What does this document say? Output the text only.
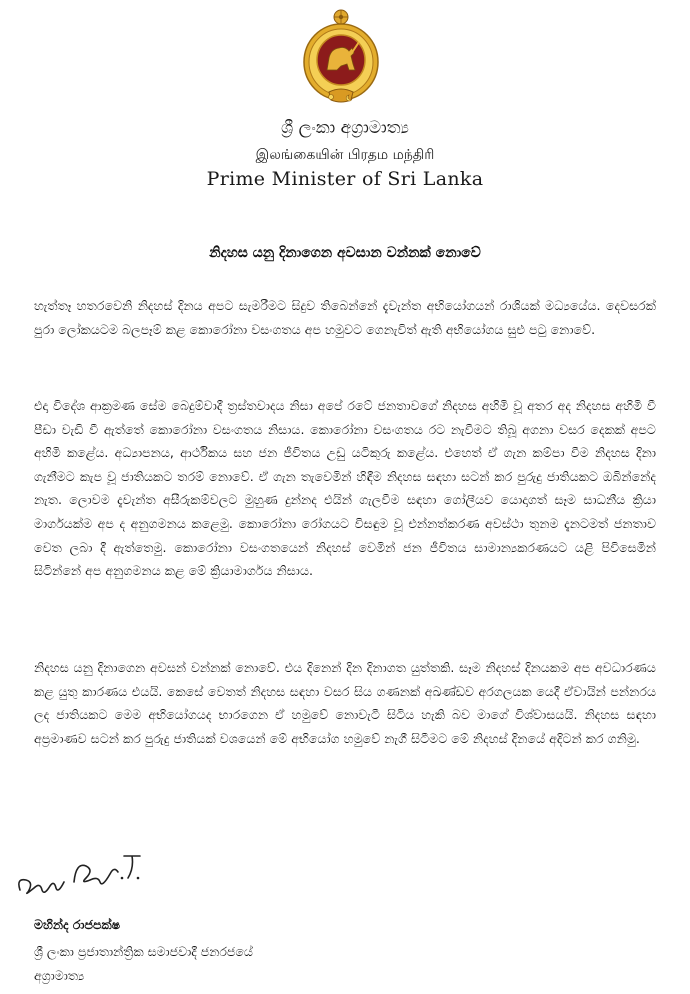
ශ්‍රී ලංකා අග්‍රාමාත්‍ය
இலங்கையின் பிரதம மந்திரி
Prime Minister of Sri Lanka
නිදහස යනු දිනාගෙන අවසාන වන්නක් නොවේ
හැත්තෑ හතරවෙනි නිදහස් දිනය අපට සැමරීමට සිදුව තිබෙන්නේ දැවැන්ත අභියෝගයන් රාශියක් මධ්‍යයේය. දෙවසරක් පුරා ලෝකයටම බලපෑම් කළ කොරෝනා වසංගතය අප හමුවට ගෙනැවිත් ඇති අභියෝගය සුළු පටු නොවේ.
එදා විදේශ ආක්‍රමණ සේම බෙදුම්වාදී ත්‍රස්තවාදය නිසා අපේ රටේ ජනතාවගේ නිදහස අහිමි වූ අතර අද නිදහස අහිමි වී පීඩා වැඩි වී ඇත්තේ කොරෝනා වසංගතය නිසාය. කොරෝනා වසංගතය රට නැවීමට තිබූ අගනා වසර දෙකක් අපට අහිමි කළේය. අධ්‍යාපනය, ආර්ථිකය සහ ජන ජීවිතය උඩු යටිකුරු කළේය. එහෙත් ඒ ගැන කම්පා වීම නිදහස දිනා ගැනීමට කැප වූ ජාතියකට තරම් නොවේ. ඒ ගැන තැවෙමින් හිඳීම නිදහස සඳහා සටන් කර පුරුදු ජාතියකට ඔබින්නේද නැත. ලොවම දැවැන්ත අසීරුකම්වලට මුහුණ දුන්නද එයින් ගැලවීම සඳහා ගෝලීයව යොදාගත් සෑම සාධනීය ක්‍රියා මාර්ගයක්ම අප ද අනුගමනය කළෙමු. කොරෝනා රෝගයට විසඳුම වූ එන්නත්කරණ අවස්ථා තුනම දැනටමත් ජනතාව වෙත ලබා දී ඇත්තෙමු. කොරෝනා වසංගතයෙන් නිදහස් වෙමින් ජන ජීවිතය සාමාන්‍යකරණයට යළි පිවිසෙමින් සිටින්නේ අප අනුගමනය කළ මේ ක්‍රියාමාර්ගය නිසාය.
නිදහස යනු දිනාගෙන අවසන් වන්නක් නොවේ. එය දිනෙන් දින දිනාගත යුත්තකි. සෑම නිදහස් දිනයකම අප අවධාරණය කළ යුතු කාරණය එයයි. කෙසේ වෙතත් නිදහස සඳහා වසර සිය ගණනක් අඛණ්ඩව අරගලයක යෙදී ඒවායින් පන්නරය ලද ජාතියකට මෙම අභියෝගයද භාරගෙන ඒ හමුවේ නොවැටී සිටිය හැකි බව මාගේ විශ්වාසයයි. නිදහස සඳහා අප්‍රමාණව සටන් කර පුරුදු ජාතියක් වශයෙන් මේ අභියෝග හමුවේ නැගී සිටීමට මේ නිදහස් දිනයේ අදිටන් කර ගනිමු.
මහින්ද රාජපක්ෂ
ශ්‍රී ලංකා ප්‍රජාතාන්ත්‍රික සමාජවාදී ජනරජයේ
අග්‍රාමාත්‍ය
